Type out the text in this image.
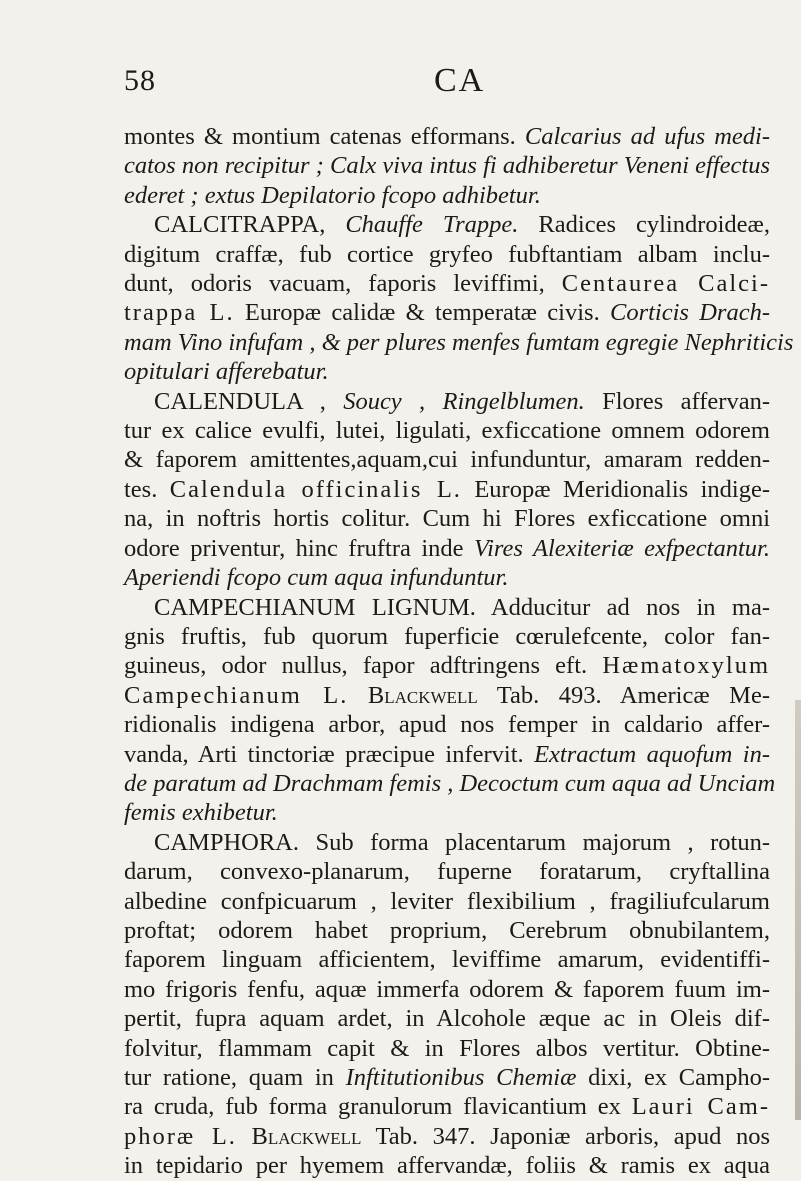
58	CA
montes & montium catenas efformans. Calcarius ad ufus medi-
catos non recipitur ; Calx viva intus fi adhiberetur Veneni effectus
ederet ; extus Depilatorio fcopo adhibetur.
CALCITRAPPA, Chauffe Trappe. Radices cylindroideæ,
digitum craffæ, fub cortice gryfeo fubftantiam albam inclu-
dunt, odoris vacuam, faporis leviffimi, Centaurea Calci-
trappa L. Europæ calidæ & temperatæ civis. Corticis Drach-
mam Vino infufam , & per plures menfes fumtam egregie Nephriticis
opitulari afferebatur.
CALENDULA , Soucy , Ringelblumen. Flores affervan-
tur ex calice evulfi, lutei, ligulati, exficcatione omnem odorem
& faporem amittentes,aquam,cui infunduntur, amaram redden-
tes. Calendula officinalis L. Europæ Meridionalis indige-
na, in noftris hortis colitur. Cum hi Flores exficcatione omni
odore priventur, hinc fruftra inde Vires Alexiteriæ exfpectantur.
Aperiendi fcopo cum aqua infunduntur.
CAMPECHIANUM LIGNUM. Adducitur ad nos in ma-
gnis fruftis, fub quorum fuperficie cœrulefcente, color fan-
guineus, odor nullus, fapor adftringens eft. Hæmatoxylum
Campechianum L. Blackwell Tab. 493. Americæ Me-
ridionalis indigena arbor, apud nos femper in caldario affer-
vanda, Arti tinctoriæ præcipue infervit. Extractum aquofum in-
de paratum ad Drachmam femis , Decoctum cum aqua ad Unciam
femis exhibetur.
CAMPHORA. Sub forma placentarum majorum , rotun-
darum, convexo-planarum, fuperne foratarum, cryftallina
albedine confpicuarum , leviter flexibilium , fragiliufcularum
proftat; odorem habet proprium, Cerebrum obnubilantem,
faporem linguam afficientem, leviffime amarum, evidentiffi-
mo frigoris fenfu, aquæ immerfa odorem & faporem fuum im-
pertit, fupra aquam ardet, in Alcohole æque ac in Oleis dif-
folvitur, flammam capit & in Flores albos vertitur. Obtine-
tur ratione, quam in Inftitutionibus Chemiæ dixi, ex Campho-
ra cruda, fub forma granulorum flavicantium ex Lauri Cam-
phoræ L. Blackwell Tab. 347. Japoniæ arboris, apud nos
in tepidario per hyemem affervandæ, foliis & ramis ex aqua
